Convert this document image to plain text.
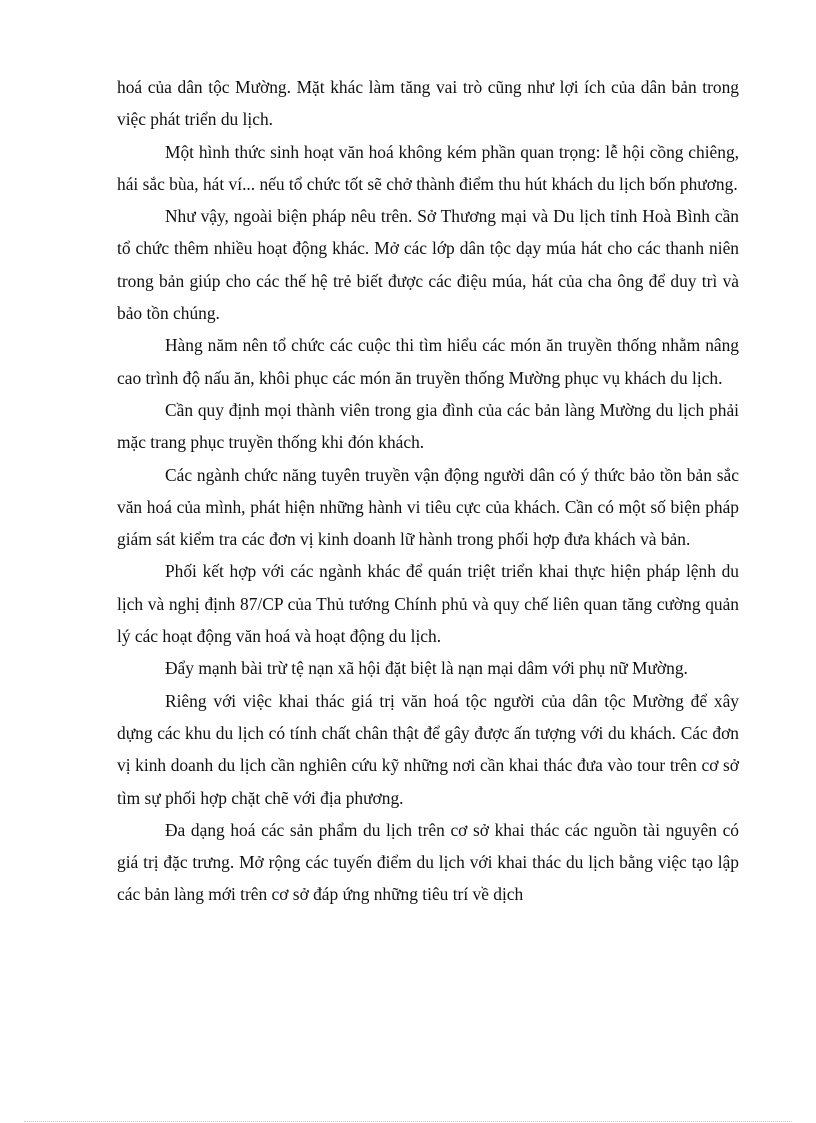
hoá của dân tộc Mường. Mặt khác làm tăng vai trò cũng như lợi ích của dân bản trong việc phát triển du lịch.

Một hình thức sinh hoạt văn hoá không kém phần quan trọng: lễ hội cồng chiêng, hái sắc bùa, hát ví... nếu tổ chức tốt sẽ chở thành điểm thu hút khách du lịch bốn phương.

Như vậy, ngoài biện pháp nêu trên. Sở Thương mại và Du lịch tỉnh Hoà Bình cần tổ chức thêm nhiều hoạt động khác. Mở các lớp dân tộc dạy múa hát cho các thanh niên trong bản giúp cho các thế hệ trẻ biết được các điệu múa, hát của cha ông để duy trì và bảo tồn chúng.

Hàng năm nên tổ chức các cuộc thi tìm hiểu các món ăn truyền thống nhằm nâng cao trình độ nấu ăn, khôi phục các món ăn truyền thống Mường phục vụ khách du lịch.

Cần quy định mọi thành viên trong gia đình của các bản làng Mường du lịch phải mặc trang phục truyền thống khi đón khách.

Các ngành chức năng tuyên truyền vận động người dân có ý thức bảo tồn bản sắc văn hoá của mình, phát hiện những hành vi tiêu cực của khách. Cần có một số biện pháp giám sát kiểm tra các đơn vị kinh doanh lữ hành trong phối hợp đưa khách và bản.

Phối kết hợp với các ngành khác để quán triệt triển khai thực hiện pháp lệnh du lịch và nghị định 87/CP của Thủ tướng Chính phủ và quy chế liên quan tăng cường quản lý các hoạt động văn hoá và hoạt động du lịch.

Đẩy mạnh bài trừ tệ nạn xã hội đặt biệt là nạn mại dâm với phụ nữ Mường.

Riêng với việc khai thác giá trị văn hoá tộc người của dân tộc Mường để xây dựng các khu du lịch có tính chất chân thật để gây được ấn tượng với du khách. Các đơn vị kinh doanh du lịch cần nghiên cứu kỹ những nơi cần khai thác đưa vào tour trên cơ sở tìm sự phối hợp chặt chẽ với địa phương.

Đa dạng hoá các sản phẩm du lịch trên cơ sở khai thác các nguồn tài nguyên có giá trị đặc trưng. Mở rộng các tuyến điểm du lịch với khai thác du lịch bằng việc tạo lập các bản làng mới trên cơ sở đáp ứng những tiêu trí về dịch
